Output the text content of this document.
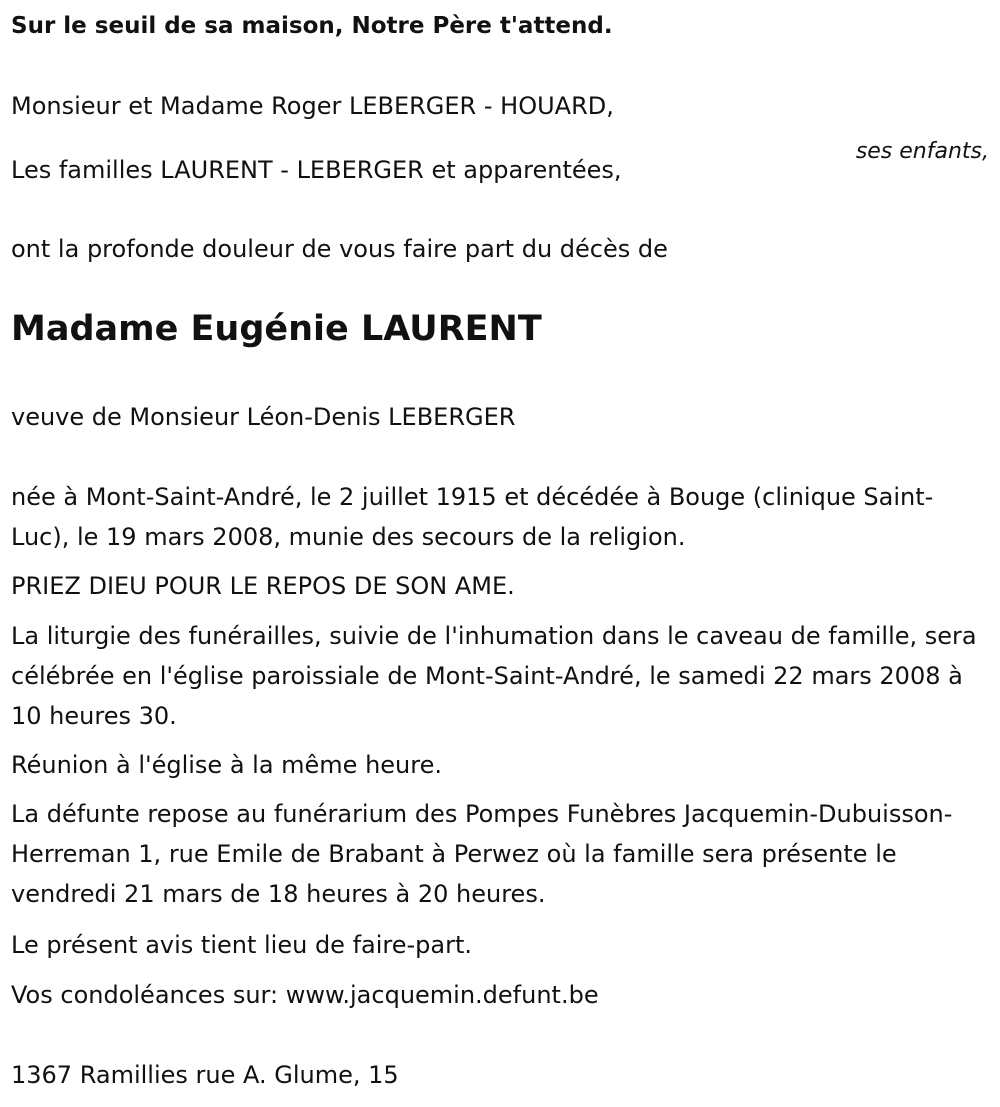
Sur le seuil de sa maison, Notre Père t'attend.

Monsieur et Madame Roger LEBERGER - HOUARD,

ses enfants,

Les familles LAURENT - LEBERGER et apparentées,

ont la profonde douleur de vous faire part du décès de

Madame Eugénie LAURENT

veuve de Monsieur Léon-Denis LEBERGER

née à Mont-Saint-André, le 2 juillet 1915 et décédée à Bouge (clinique Saint-Luc), le 19 mars 2008, munie des secours de la religion.

PRIEZ DIEU POUR LE REPOS DE SON AME.

La liturgie des funérailles, suivie de l'inhumation dans le caveau de famille, sera célébrée en l'église paroissiale de Mont-Saint-André, le samedi 22 mars 2008 à 10 heures 30.

Réunion à l'église à la même heure.

La défunte repose au funérarium des Pompes Funèbres Jacquemin-Dubuisson-Herreman 1, rue Emile de Brabant à Perwez où la famille sera présente le vendredi 21 mars de 18 heures à 20 heures.

Le présent avis tient lieu de faire-part.

Vos condoléances sur: www.jacquemin.defunt.be

1367 Ramillies rue A. Glume, 15
